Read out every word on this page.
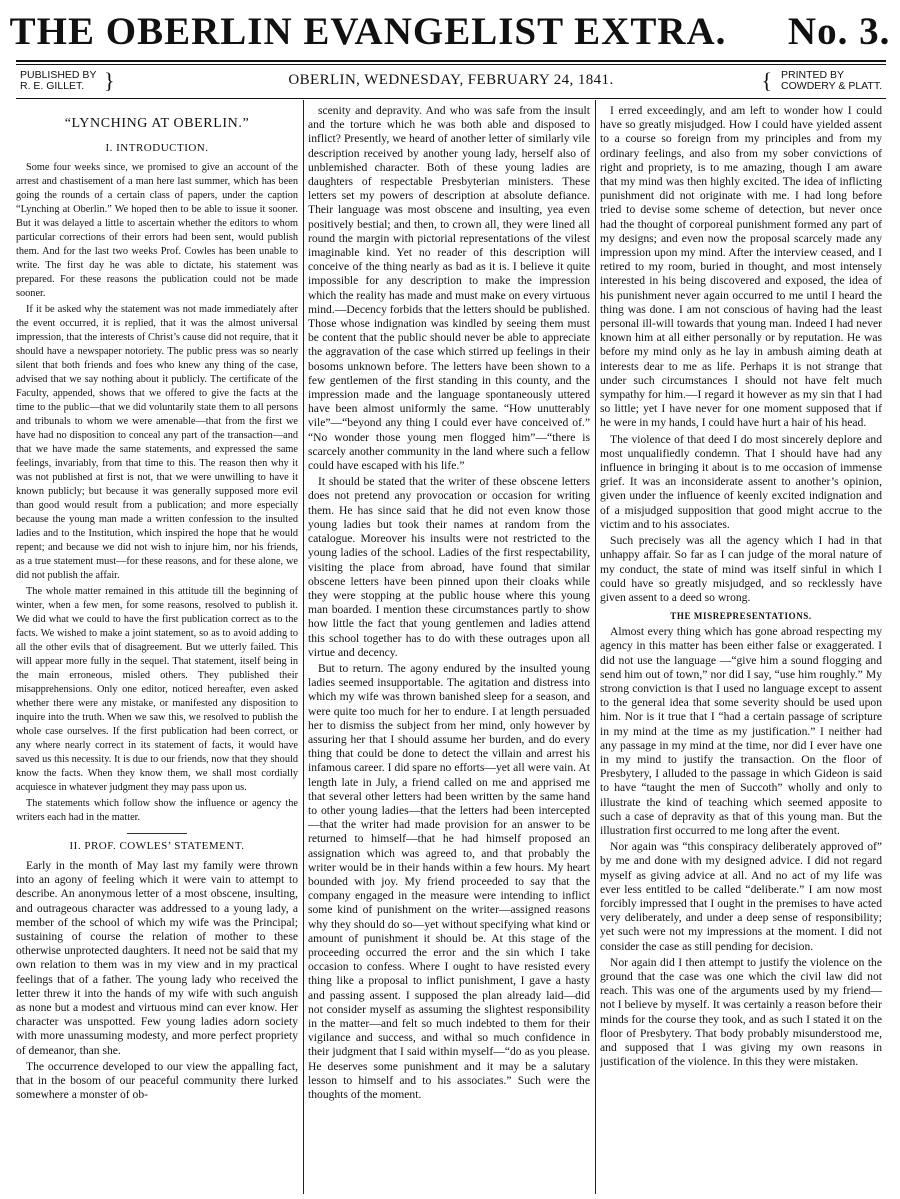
THE OBERLIN EVANGELIST EXTRA. No. 3.
PUBLISHED BY
R. E. GILLET. }	OBERLIN, WEDNESDAY, FEBRUARY 24, 1841.	{ PRINTED BY
COWDERY & PLATT.
“LYNCHING AT OBERLIN.”
I. INTRODUCTION.

Some four weeks since, we promised to give an account of the arrest and chastisement of a man here last summer, which has been going the rounds of a certain class of papers, under the caption “Lynching at Oberlin.” We hoped then to be able to issue it sooner. But it was delayed a little to ascertain whether the editors to whom particular corrections of their errors had been sent, would publish them. And for the last two weeks Prof. Cowles has been unable to write. The first day he was able to dictate, his statement was prepared. For these reasons the publication could not be made sooner.

If it be asked why the statement was not made immediately after the event occurred, it is replied, that it was the almost universal impression, that the interests of Christ’s cause did not require, that it should have a newspaper notoriety. The public press was so nearly silent that both friends and foes who knew any thing of the case, advised that we say nothing about it publicly. The certificate of the Faculty, appended, shows that we offered to give the facts at the time to the public—that we did voluntarily state them to all persons and tribunals to whom we were amenable—that from the first we have had no disposition to conceal any part of the transaction—and that we have made the same statements, and expressed the same feelings, invariably, from that time to this. The reason then why it was not published at first is not, that we were unwilling to have it known publicly; but because it was generally supposed more evil than good would result from a publication; and more especially because the young man made a written confession to the insulted ladies and to the Institution, which inspired the hope that he would repent; and because we did not wish to injure him, nor his friends, as a true statement must—for these reasons, and for these alone, we did not publish the affair.

The whole matter remained in this attitude till the beginning of winter, when a few men, for some reasons, resolved to publish it. We did what we could to have the first publication correct as to the facts. We wished to make a joint statement, so as to avoid adding to all the other evils that of disagreement. But we utterly failed. This will appear more fully in the sequel. That statement, itself being in the main erroneous, misled others. They published their misapprehensions. Only one editor, noticed hereafter, even asked whether there were any mistake, or manifested any disposition to inquire into the truth. When we saw this, we resolved to publish the whole case ourselves. If the first publication had been correct, or any where nearly correct in its statement of facts, it would have saved us this necessity. It is due to our friends, now that they should know the facts. When they know them, we shall most cordially acquiesce in whatever judgment they may pass upon us.

The statements which follow show the influence or agency the writers each had in the matter.

II. PROF. COWLES’ STATEMENT.

Early in the month of May last my family were thrown into an agony of feeling which it were vain to attempt to describe. An anonymous letter of a most obscene, insulting, and outrageous character was addressed to a young lady, a member of the school of which my wife was the Principal; sustaining of course the relation of mother to these otherwise unprotected daughters. It need not be said that my own relation to them was in my view and in my practical feelings that of a father. The young lady who received the letter threw it into the hands of my wife with such anguish as none but a modest and virtuous mind can ever know. Her character was unspotted. Few young ladies adorn society with more unassuming modesty, and more perfect propriety of demeanor, than she.

The occurrence developed to our view the appalling fact, that in the bosom of our peaceful community there lurked somewhere a monster of ob-

scenity and depravity. And who was safe from the insult and the torture which he was both able and disposed to inflict? Presently, we heard of another letter of similarly vile description received by another young lady, herself also of unblemished character. Both of these young ladies are daughters of respectable Presbyterian ministers. These letters set my powers of description at absolute defiance. Their language was most obscene and insulting, yea even positively bestial; and then, to crown all, they were lined all round the margin with pictorial representations of the vilest imaginable kind. Yet no reader of this description will conceive of the thing nearly as bad as it is. I believe it quite impossible for any description to make the impression which the reality has made and must make on every virtuous mind.—Decency forbids that the letters should be published. Those whose indignation was kindled by seeing them must be content that the public should never be able to appreciate the aggravation of the case which stirred up feelings in their bosoms unknown before. The letters have been shown to a few gentlemen of the first standing in this county, and the impression made and the language spontaneously uttered have been almost uniformly the same. “How unutterably vile”—“beyond any thing I could ever have conceived of.” “No wonder those young men flogged him”—“there is scarcely another community in the land where such a fellow could have escaped with his life.”

It should be stated that the writer of these obscene letters does not pretend any provocation or occasion for writing them. He has since said that he did not even know those young ladies but took their names at random from the catalogue. Moreover his insults were not restricted to the young ladies of the school. Ladies of the first respectability, visiting the place from abroad, have found that similar obscene letters have been pinned upon their cloaks while they were stopping at the public house where this young man boarded. I mention these circumstances partly to show how little the fact that young gentlemen and ladies attend this school together has to do with these outrages upon all virtue and decency.

But to return. The agony endured by the insulted young ladies seemed insupportable. The agitation and distress into which my wife was thrown banished sleep for a season, and were quite too much for her to endure. I at length persuaded her to dismiss the subject from her mind, only however by assuring her that I should assume her burden, and do every thing that could be done to detect the villain and arrest his infamous career. I did spare no efforts—yet all were vain. At length late in July, a friend called on me and apprised me that several other letters had been written by the same hand to other young ladies—that the letters had been intercepted—that the writer had made provision for an answer to be returned to himself—that he had himself proposed an assignation which was agreed to, and that probably the writer would be in their hands within a few hours. My heart bounded with joy. My friend proceeded to say that the company engaged in the measure were intending to inflict some kind of punishment on the writer—assigned reasons why they should do so—yet without specifying what kind or amount of punishment it should be. At this stage of the proceeding occurred the error and the sin which I take occasion to confess. Where I ought to have resisted every thing like a proposal to inflict punishment, I gave a hasty and passing assent. I supposed the plan already laid—did not consider myself as assuming the slightest responsibility in the matter—and felt so much indebted to them for their vigilance and success, and withal so much confidence in their judgment that I said within myself—“do as you please. He deserves some punishment and it may be a salutary lesson to himself and to his associates.” Such were the thoughts of the moment.

I erred exceedingly, and am left to wonder how I could have so greatly misjudged. How I could have yielded assent to a course so foreign from my principles and from my ordinary feelings, and also from my sober convictions of right and propriety, is to me amazing, though I am aware that my mind was then highly excited. The idea of inflicting punishment did not originate with me. I had long before tried to devise some scheme of detection, but never once had the thought of corporeal punishment formed any part of my designs; and even now the proposal scarcely made any impression upon my mind. After the interview ceased, and I retired to my room, buried in thought, and most intensely interested in his being discovered and exposed, the idea of his punishment never again occurred to me until I heard the thing was done. I am not conscious of having had the least personal ill-will towards that young man. Indeed I had never known him at all either personally or by reputation. He was before my mind only as he lay in ambush aiming death at interests dear to me as life. Perhaps it is not strange that under such circumstances I should not have felt much sympathy for him.—I regard it however as my sin that I had so little; yet I have never for one moment supposed that if he were in my hands, I could have hurt a hair of his head.

The violence of that deed I do most sincerely deplore and most unqualifiedly condemn. That I should have had any influence in bringing it about is to me occasion of immense grief. It was an inconsiderate assent to another’s opinion, given under the influence of keenly excited indignation and of a misjudged supposition that good might accrue to the victim and to his associates.

Such precisely was all the agency which I had in that unhappy affair. So far as I can judge of the moral nature of my conduct, the state of mind was itself sinful in which I could have so greatly misjudged, and so recklessly have given assent to a deed so wrong.

THE MISREPRESENTATIONS.

Almost every thing which has gone abroad respecting my agency in this matter has been either false or exaggerated. I did not use the language —“give him a sound flogging and send him out of town,” nor did I say, “use him roughly.” My strong conviction is that I used no language except to assent to the general idea that some severity should be used upon him. Nor is it true that I “had a certain passage of scripture in my mind at the time as my justification.” I neither had any passage in my mind at the time, nor did I ever have one in my mind to justify the transaction. On the floor of Presbytery, I alluded to the passage in which Gideon is said to have “taught the men of Succoth” wholly and only to illustrate the kind of teaching which seemed apposite to such a case of depravity as that of this young man. But the illustration first occurred to me long after the event.

Nor again was “this conspiracy deliberately approved of” by me and done with my designed advice. I did not regard myself as giving advice at all. And no act of my life was ever less entitled to be called “deliberate.” I am now most forcibly impressed that I ought in the premises to have acted very deliberately, and under a deep sense of responsibility; yet such were not my impressions at the moment. I did not consider the case as still pending for decision.

Nor again did I then attempt to justify the violence on the ground that the case was one which the civil law did not reach. This was one of the arguments used by my friend—not I believe by myself. It was certainly a reason before their minds for the course they took, and as such I stated it on the floor of Presbytery. That body probably misunderstood me, and supposed that I was giving my own reasons in justification of the violence. In this they were mistaken.
